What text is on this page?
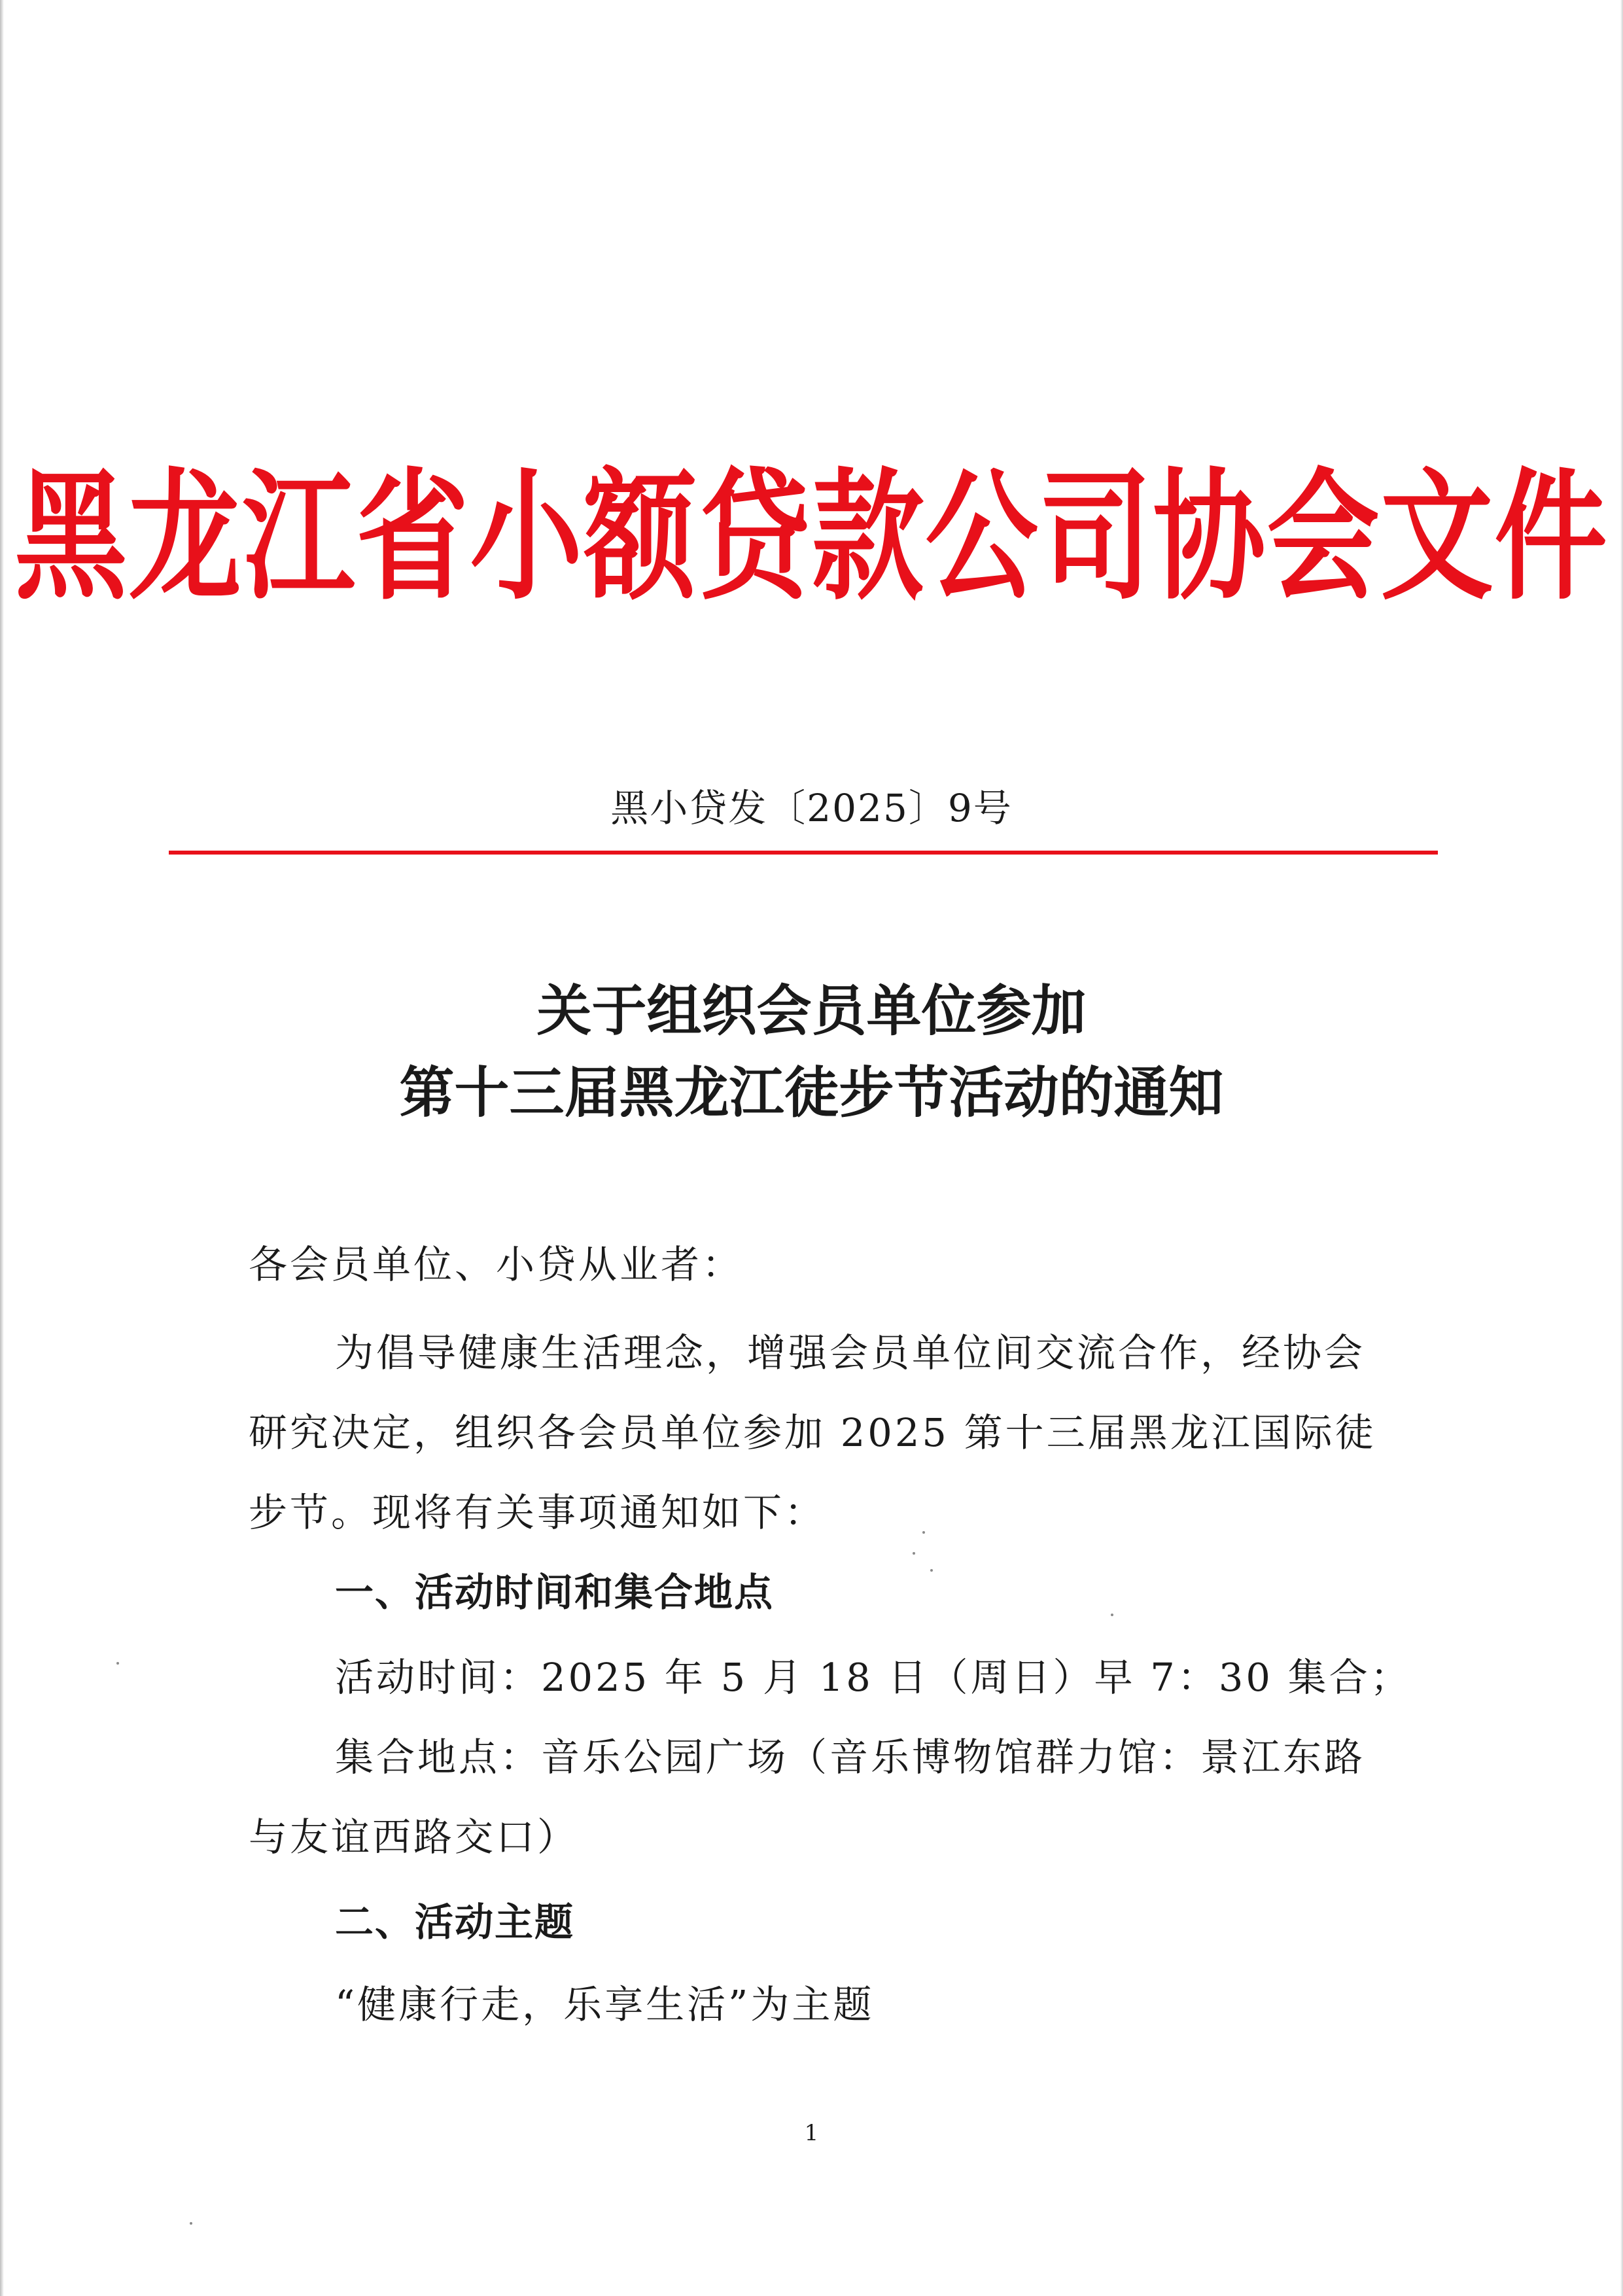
黑龙江省小额贷款公司协会文件
黑小贷发〔2025〕9号
关于组织会员单位参加
第十三届黑龙江徒步节活动的通知
各会员单位、小贷从业者：
为倡导健康生活理念，增强会员单位间交流合作，经协会
研究决定，组织各会员单位参加 2025 第十三届黑龙江国际徒
步节。现将有关事项通知如下：
一、活动时间和集合地点
活动时间：2025 年 5 月 18 日（周日）早 7：30 集合；
集合地点：音乐公园广场（音乐博物馆群力馆：景江东路
与友谊西路交口）
二、活动主题
“健康行走，乐享生活”为主题
1
